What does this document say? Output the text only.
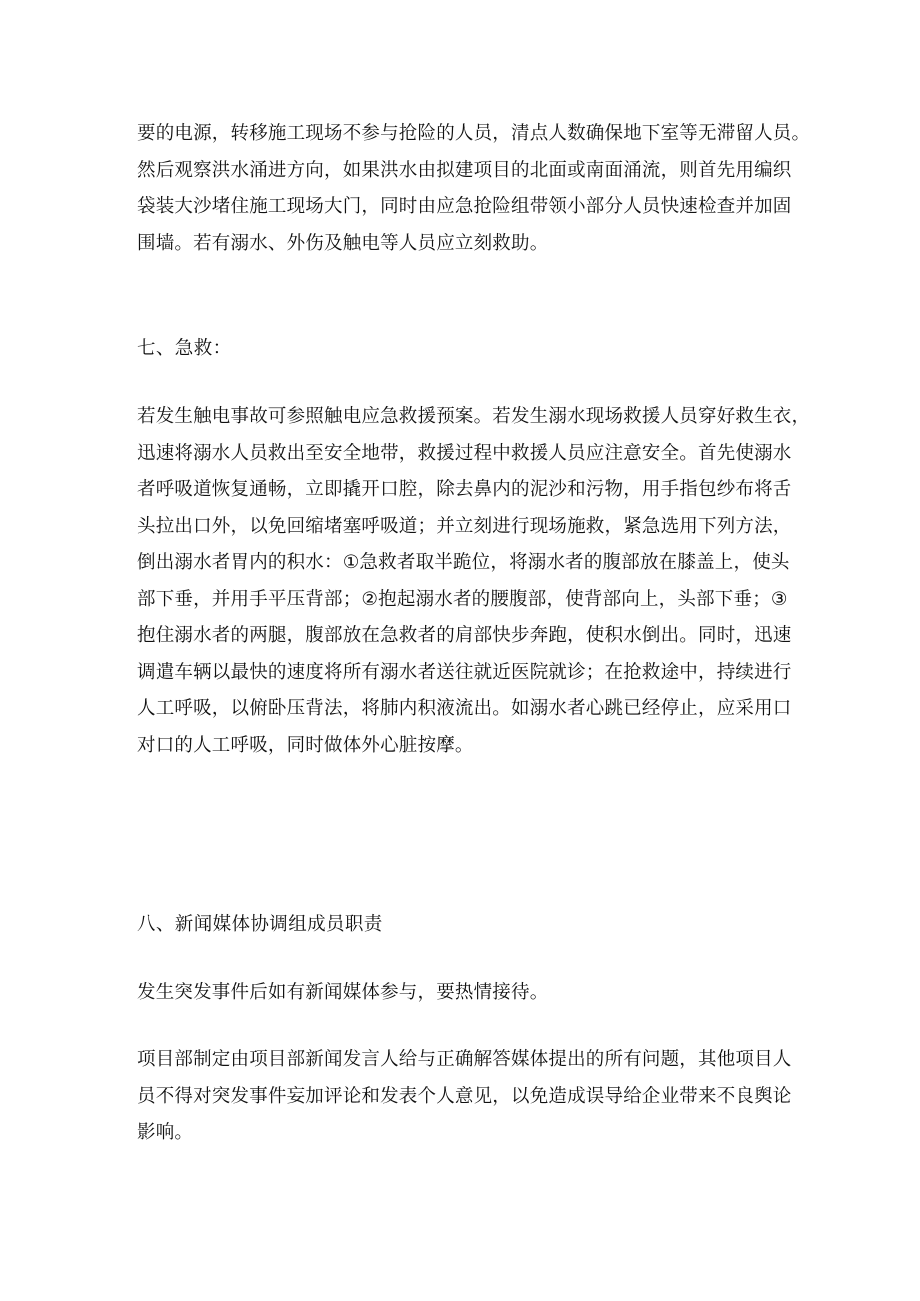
要的电源，转移施工现场不参与抢险的人员，清点人数确保地下室等无滞留人员。
然后观察洪水涌进方向，如果洪水由拟建项目的北面或南面涌流，则首先用编织
袋装大沙堵住施工现场大门，同时由应急抢险组带领小部分人员快速检查并加固
围墙。若有溺水、外伤及触电等人员应立刻救助。
七、急救：
若发生触电事故可参照触电应急救援预案。若发生溺水现场救援人员穿好救生衣，
迅速将溺水人员救出至安全地带，救援过程中救援人员应注意安全。首先使溺水
者呼吸道恢复通畅，立即撬开口腔，除去鼻内的泥沙和污物，用手指包纱布将舌
头拉出口外，以免回缩堵塞呼吸道；并立刻进行现场施救，紧急选用下列方法，
倒出溺水者胃内的积水：①急救者取半跪位，将溺水者的腹部放在膝盖上，使头
部下垂，并用手平压背部；②抱起溺水者的腰腹部，使背部向上，头部下垂；③
抱住溺水者的两腿，腹部放在急救者的肩部快步奔跑，使积水倒出。同时，迅速
调遣车辆以最快的速度将所有溺水者送往就近医院就诊；在抢救途中，持续进行
人工呼吸，以俯卧压背法，将肺内积液流出。如溺水者心跳已经停止，应采用口
对口的人工呼吸，同时做体外心脏按摩。
八、新闻媒体协调组成员职责
发生突发事件后如有新闻媒体参与，要热情接待。
项目部制定由项目部新闻发言人给与正确解答媒体提出的所有问题，其他项目人
员不得对突发事件妄加评论和发表个人意见，以免造成误导给企业带来不良舆论
影响。
